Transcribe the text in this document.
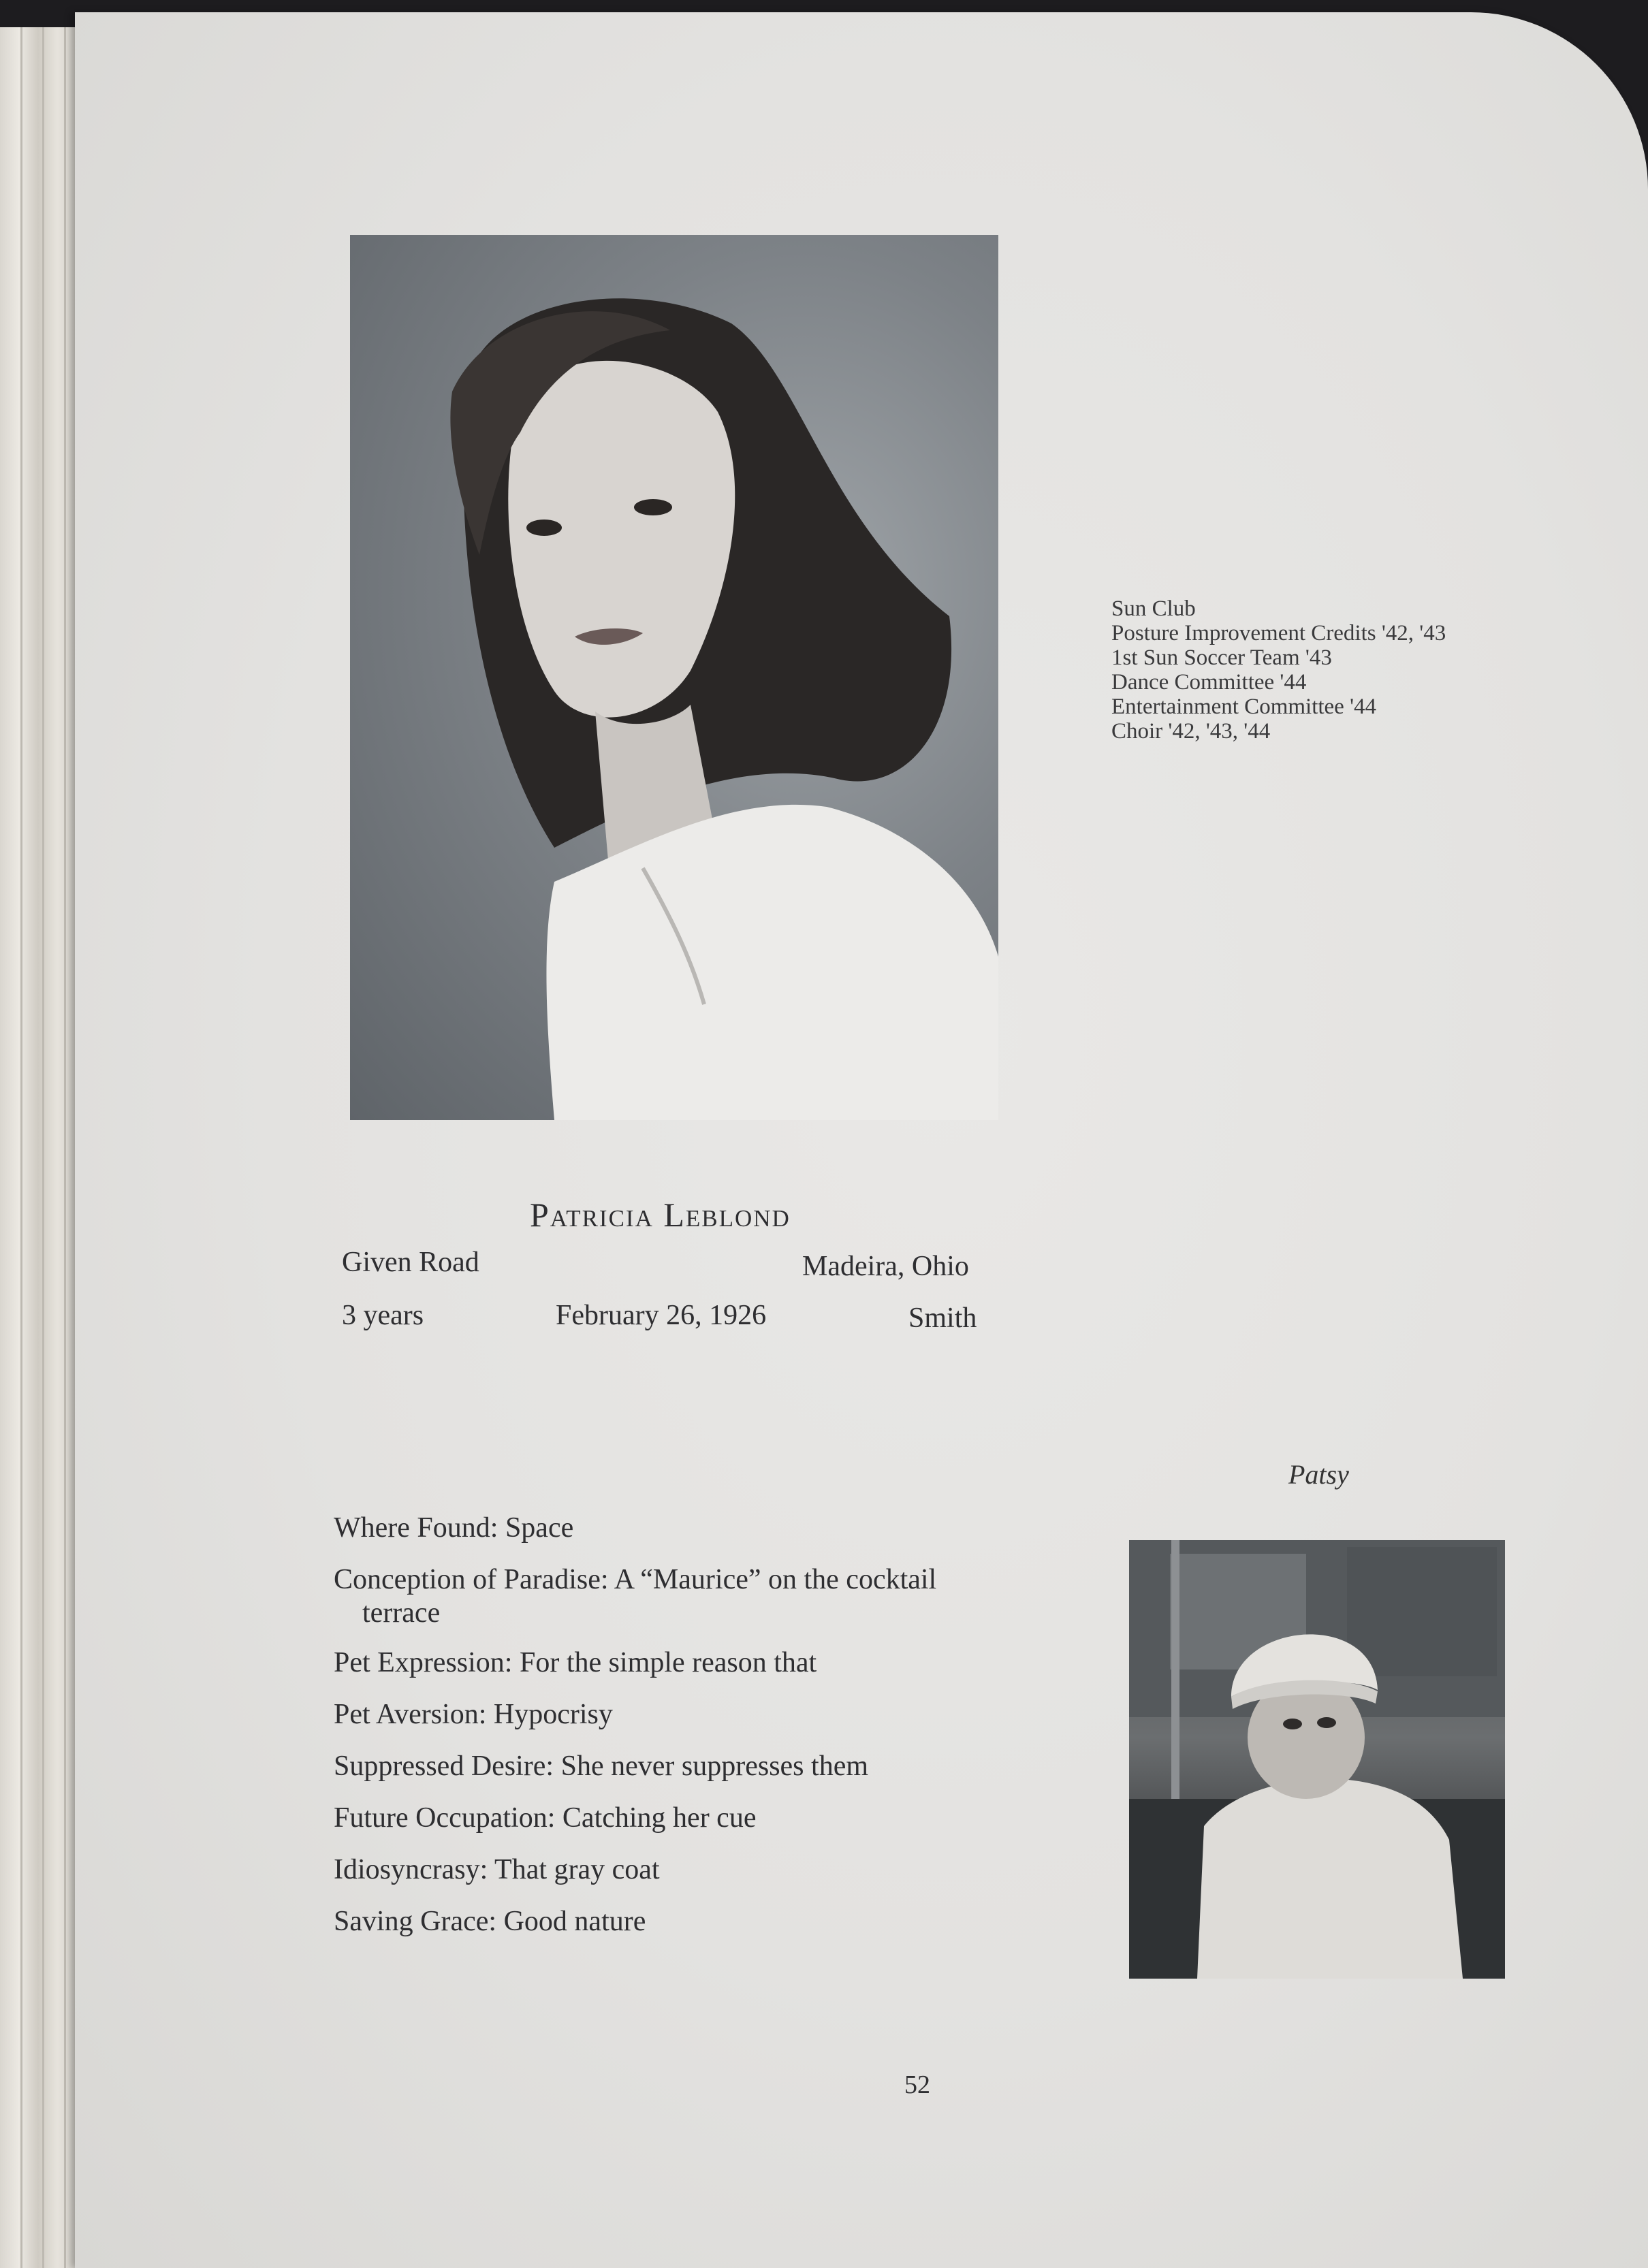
Sun Club
Posture Improvement Credits '42, '43
1st Sun Soccer Team '43
Dance Committee '44
Entertainment Committee '44
Choir '42, '43, '44
Patricia Leblond
Given Road	Madeira, Ohio
3 years	February 26, 1926	Smith
Patsy
Where Found: Space
Conception of Paradise: A “Maurice” on the cocktail
terrace
Pet Expression: For the simple reason that
Pet Aversion: Hypocrisy
Suppressed Desire: She never suppresses them
Future Occupation: Catching her cue
Idiosyncrasy: That gray coat
Saving Grace: Good nature
52
